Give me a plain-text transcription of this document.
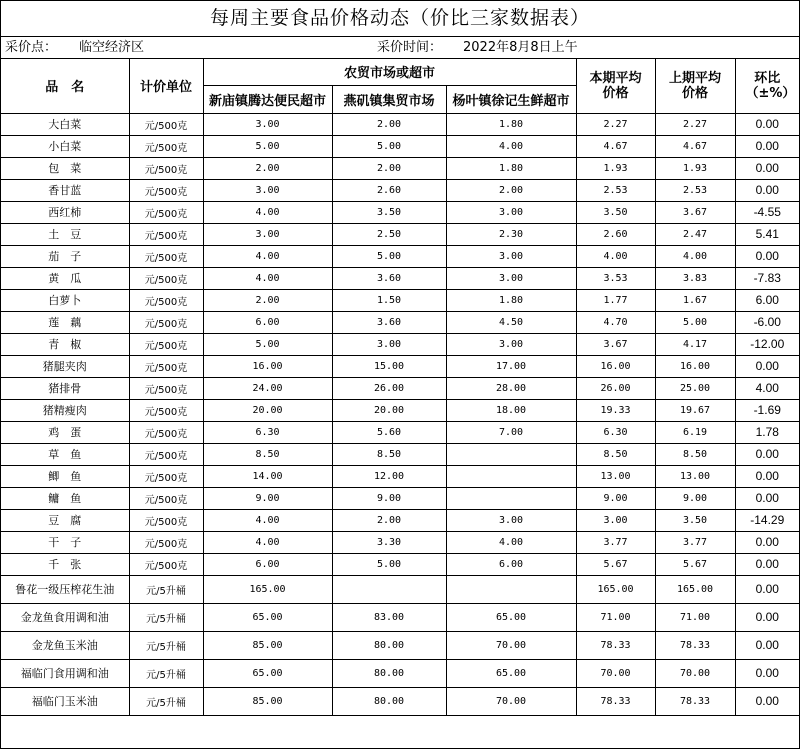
每周主要食品价格动态（价比三家数据表）
采价点： 临空经济区	采价时间： 2022年8月8日上午
品　名	计价单位	农贸市场或超市			本期平均价格	上期平均价格	环比（±%）
		新庙镇腾达便民超市	燕矶镇集贸市场	杨叶镇徐记生鲜超市			
大白菜	元/500克	3.00	2.00	1.80	2.27	2.27	0.00
小白菜	元/500克	5.00	5.00	4.00	4.67	4.67	0.00
包　菜	元/500克	2.00	2.00	1.80	1.93	1.93	0.00
香甘蓝	元/500克	3.00	2.60	2.00	2.53	2.53	0.00
西红柿	元/500克	4.00	3.50	3.00	3.50	3.67	-4.55
土　豆	元/500克	3.00	2.50	2.30	2.60	2.47	5.41
茄　子	元/500克	4.00	5.00	3.00	4.00	4.00	0.00
黄　瓜	元/500克	4.00	3.60	3.00	3.53	3.83	-7.83
白萝卜	元/500克	2.00	1.50	1.80	1.77	1.67	6.00
莲　藕	元/500克	6.00	3.60	4.50	4.70	5.00	-6.00
青　椒	元/500克	5.00	3.00	3.00	3.67	4.17	-12.00
猪腿夹肉	元/500克	16.00	15.00	17.00	16.00	16.00	0.00
猪排骨	元/500克	24.00	26.00	28.00	26.00	25.00	4.00
猪精瘦肉	元/500克	20.00	20.00	18.00	19.33	19.67	-1.69
鸡　蛋	元/500克	6.30	5.60	7.00	6.30	6.19	1.78
草　鱼	元/500克	8.50	8.50		8.50	8.50	0.00
鲫　鱼	元/500克	14.00	12.00		13.00	13.00	0.00
鳙　鱼	元/500克	9.00	9.00		9.00	9.00	0.00
豆　腐	元/500克	4.00	2.00	3.00	3.00	3.50	-14.29
干　子	元/500克	4.00	3.30	4.00	3.77	3.77	0.00
千　张	元/500克	6.00	5.00	6.00	5.67	5.67	0.00
鲁花一级压榨花生油	元/5升桶	165.00			165.00	165.00	0.00
金龙鱼食用调和油	元/5升桶	65.00	83.00	65.00	71.00	71.00	0.00
金龙鱼玉米油	元/5升桶	85.00	80.00	70.00	78.33	78.33	0.00
福临门食用调和油	元/5升桶	65.00	80.00	65.00	70.00	70.00	0.00
福临门玉米油	元/5升桶	85.00	80.00	70.00	78.33	78.33	0.00
